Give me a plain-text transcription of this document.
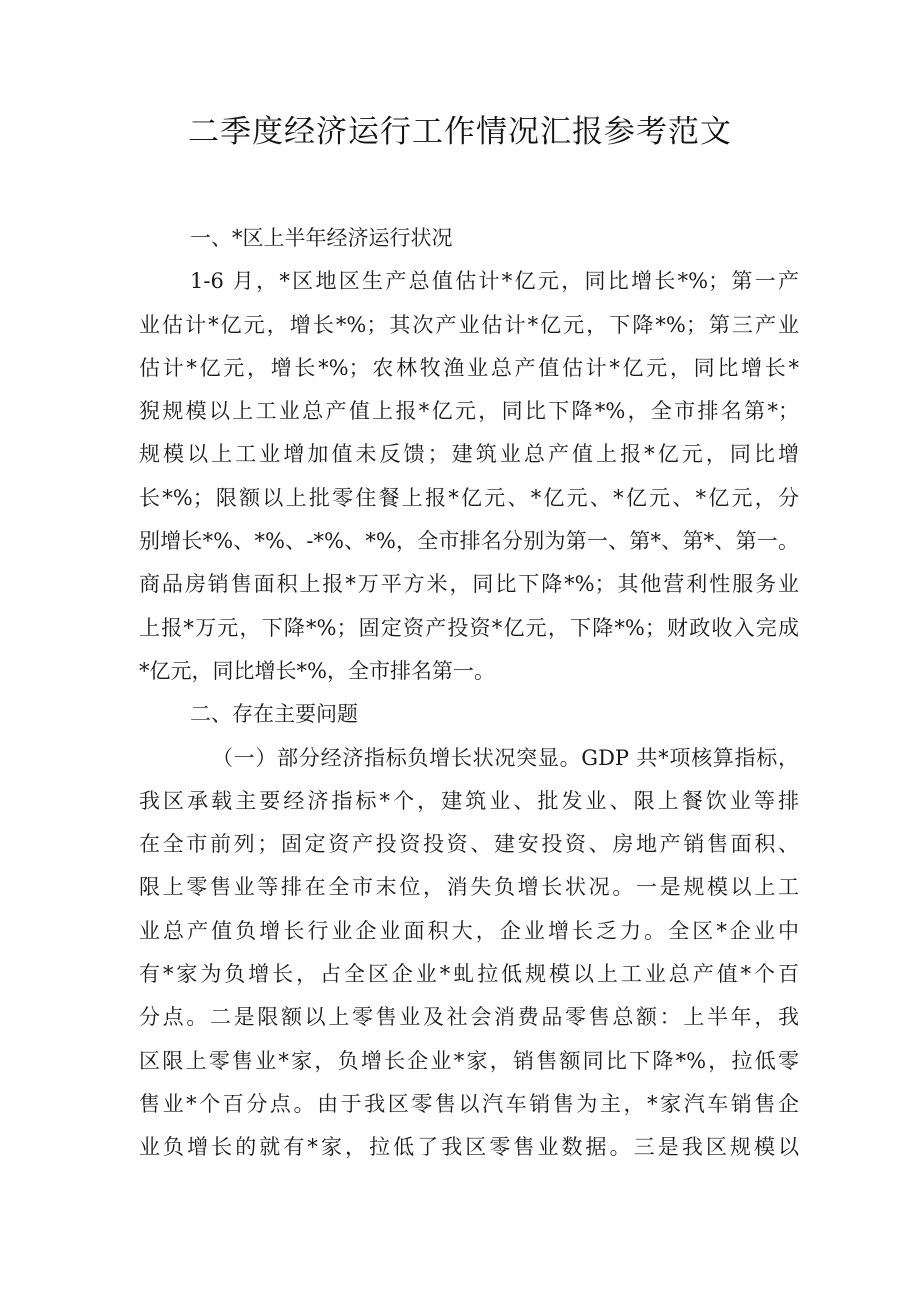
二季度经济运行工作情况汇报参考范文
一、*区上半年经济运行状况
1-6 月，*区地区生产总值估计*亿元，同比增长*%；第一产
业估计*亿元，增长*%；其次产业估计*亿元，下降*%；第三产业
估计*亿元，增长*%；农林牧渔业总产值估计*亿元，同比增长*
猊规模以上工业总产值上报*亿元，同比下降*%，全市排名第*；
规模以上工业增加值未反馈；建筑业总产值上报*亿元，同比增
长*%；限额以上批零住餐上报*亿元、*亿元、*亿元、*亿元，分
别增长*%、*%、-*%、*%，全市排名分别为第一、第*、第*、第一。
商品房销售面积上报*万平方米，同比下降*%；其他营利性服务业
上报*万元，下降*%；固定资产投资*亿元，下降*%；财政收入完成
*亿元，同比增长*%，全市排名第一。
二、存在主要问题
（一）部分经济指标负增长状况突显。GDP 共*项核算指标，
我区承载主要经济指标*个，建筑业、批发业、限上餐饮业等排
在全市前列；固定资产投资投资、建安投资、房地产销售面积、
限上零售业等排在全市末位，消失负增长状况。一是规模以上工
业总产值负增长行业企业面积大，企业增长乏力。全区*企业中
有*家为负增长，占全区企业*虬拉低规模以上工业总产值*个百
分点。二是限额以上零售业及社会消费品零售总额：上半年，我
区限上零售业*家，负增长企业*家，销售额同比下降*%，拉低零
售业*个百分点。由于我区零售以汽车销售为主，*家汽车销售企
业负增长的就有*家，拉低了我区零售业数据。三是我区规模以
